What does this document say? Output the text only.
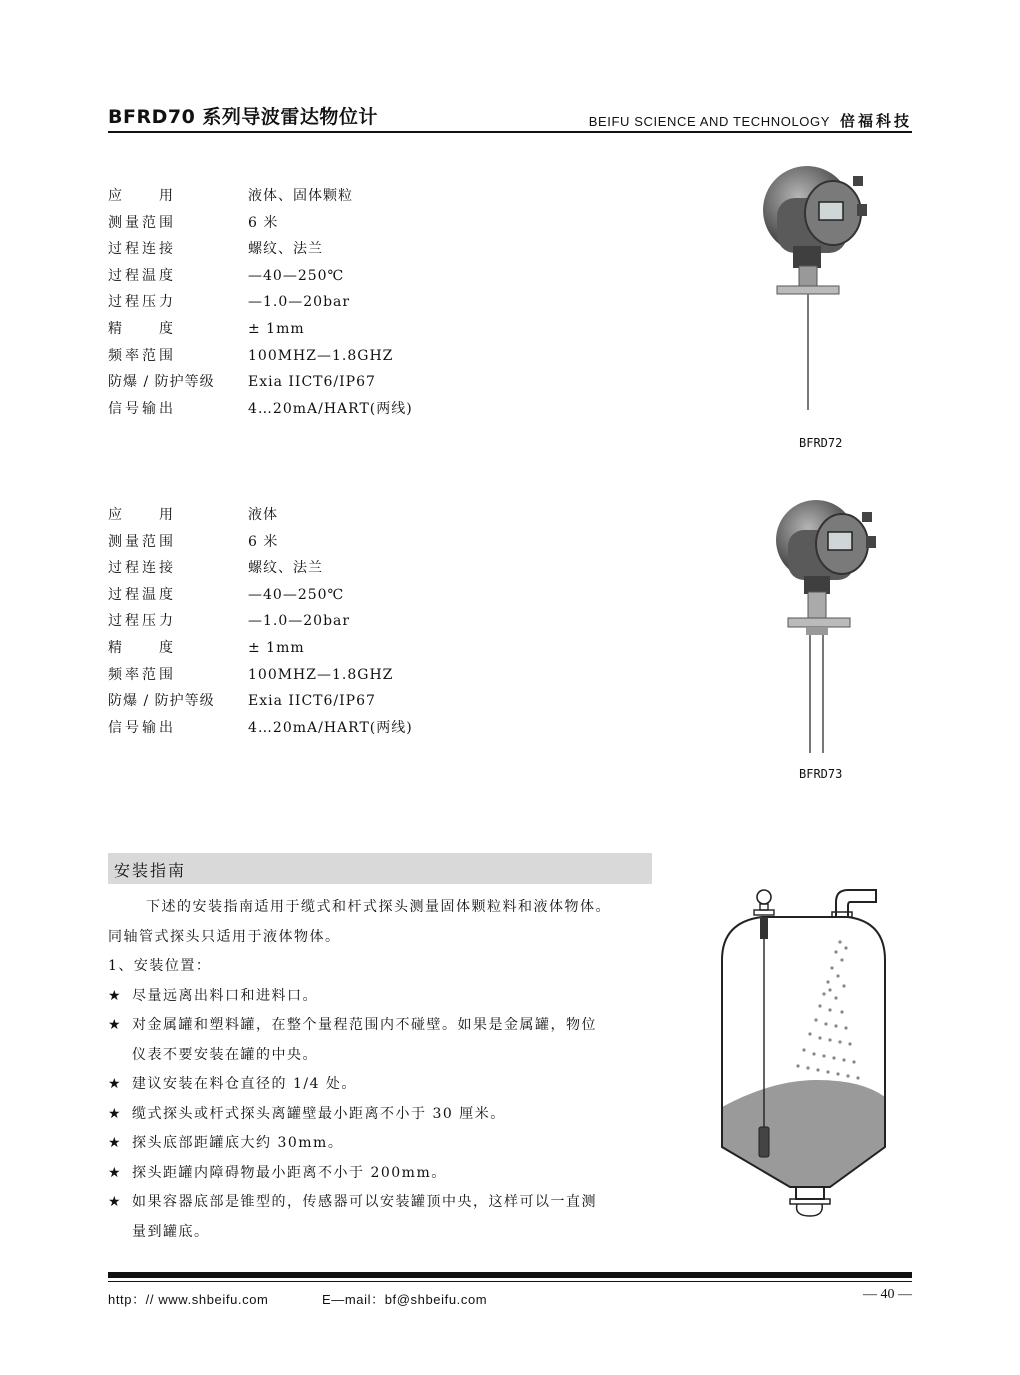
BFRD70 系列导波雷达物位计	BEIFU SCIENCE AND TECHNOLOGY 倍福科技
应　　用	液体、固体颗粒
测量范围	6 米
过程连接	螺纹、法兰
过程温度	—40—250℃
过程压力	—1.0—20bar
精　　度	± 1mm
频率范围	100MHZ—1.8GHZ
防爆 / 防护等级 Exia IICT6/IP67
信号输出	4…20mA/HART(两线)
BFRD72
应　　用	液体
测量范围	6 米
过程连接	螺纹、法兰
过程温度	—40—250℃
过程压力	—1.0—20bar
精　　度	± 1mm
频率范围	100MHZ—1.8GHZ
防爆 / 防护等级 Exia IICT6/IP67
信号输出	4…20mA/HART(两线)
BFRD73
安装指南

下述的安装指南适用于缆式和杆式探头测量固体颗粒料和液体物体。

同轴管式探头只适用于液体物体。

1、安装位置：

★ 尽量远离出料口和进料口。

★ 对金属罐和塑料罐，在整个量程范围内不碰壁。如果是金属罐，物位

仪表不要安装在罐的中央。

★ 建议安装在料仓直径的 1/4 处。

★ 缆式探头或杆式探头离罐壁最小距离不小于 30 厘米。

★ 探头底部距罐底大约 30mm。

★ 探头距罐内障碍物最小距离不小于 200mm。

★ 如果容器底部是锥型的，传感器可以安装罐顶中央，这样可以一直测

量到罐底。

http：// www.shbeifu.com	E—mail：bf@shbeifu.com	— 40 —
